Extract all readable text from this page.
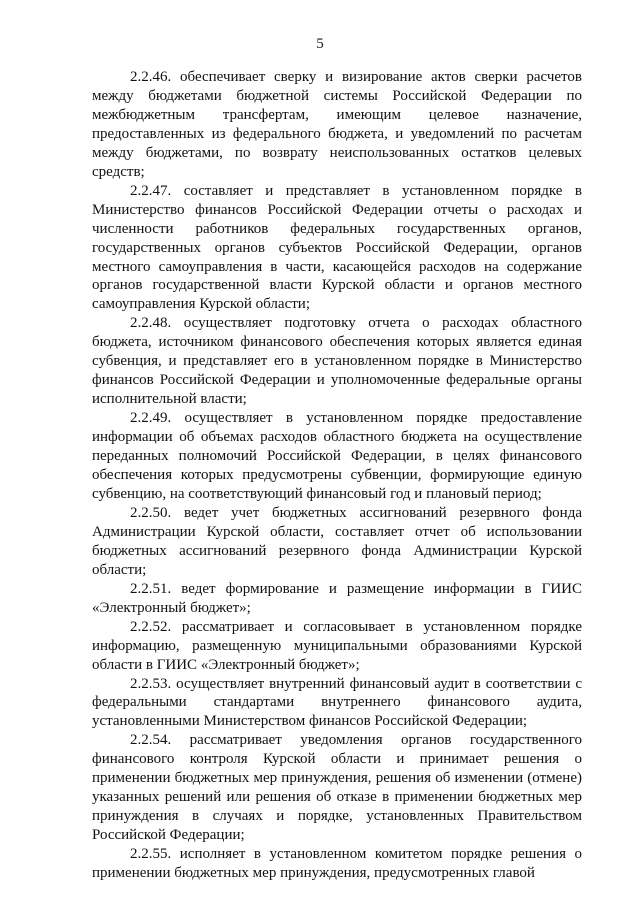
5

2.2.46. обеспечивает сверку и визирование актов сверки расчетов между бюджетами бюджетной системы Российской Федерации по межбюджетным трансфертам, имеющим целевое назначение, предоставленных из федерального бюджета, и уведомлений по расчетам между бюджетами, по возврату неиспользованных остатков целевых средств;

2.2.47. составляет и представляет в установленном порядке в Министерство финансов Российской Федерации отчеты о расходах и численности работников федеральных государственных органов, государственных органов субъектов Российской Федерации, органов местного самоуправления в части, касающейся расходов на содержание органов государственной власти Курской области и органов местного самоуправления Курской области;

2.2.48. осуществляет подготовку отчета о расходах областного бюджета, источником финансового обеспечения которых является единая субвенция, и представляет его в установленном порядке в Министерство финансов Российской Федерации и уполномоченные федеральные органы исполнительной власти;

2.2.49. осуществляет в установленном порядке предоставление информации об объемах расходов областного бюджета на осуществление переданных полномочий Российской Федерации, в целях финансового обеспечения которых предусмотрены субвенции, формирующие единую субвенцию, на соответствующий финансовый год и плановый период;

2.2.50. ведет учет бюджетных ассигнований резервного фонда Администрации Курской области, составляет отчет об использовании бюджетных ассигнований резервного фонда Администрации Курской области;

2.2.51. ведет формирование и размещение информации в ГИИС «Электронный бюджет»;

2.2.52. рассматривает и согласовывает в установленном порядке информацию, размещенную муниципальными образованиями Курской области в ГИИС «Электронный бюджет»;

2.2.53. осуществляет внутренний финансовый аудит в соответствии с федеральными стандартами внутреннего финансового аудита, установленными Министерством финансов Российской Федерации;

2.2.54. рассматривает уведомления органов государственного финансового контроля Курской области и принимает решения о применении бюджетных мер принуждения, решения об изменении (отмене) указанных решений или решения об отказе в применении бюджетных мер принуждения в случаях и порядке, установленных Правительством Российской Федерации;

2.2.55. исполняет в установленном комитетом порядке решения о применении бюджетных мер принуждения, предусмотренных главой
